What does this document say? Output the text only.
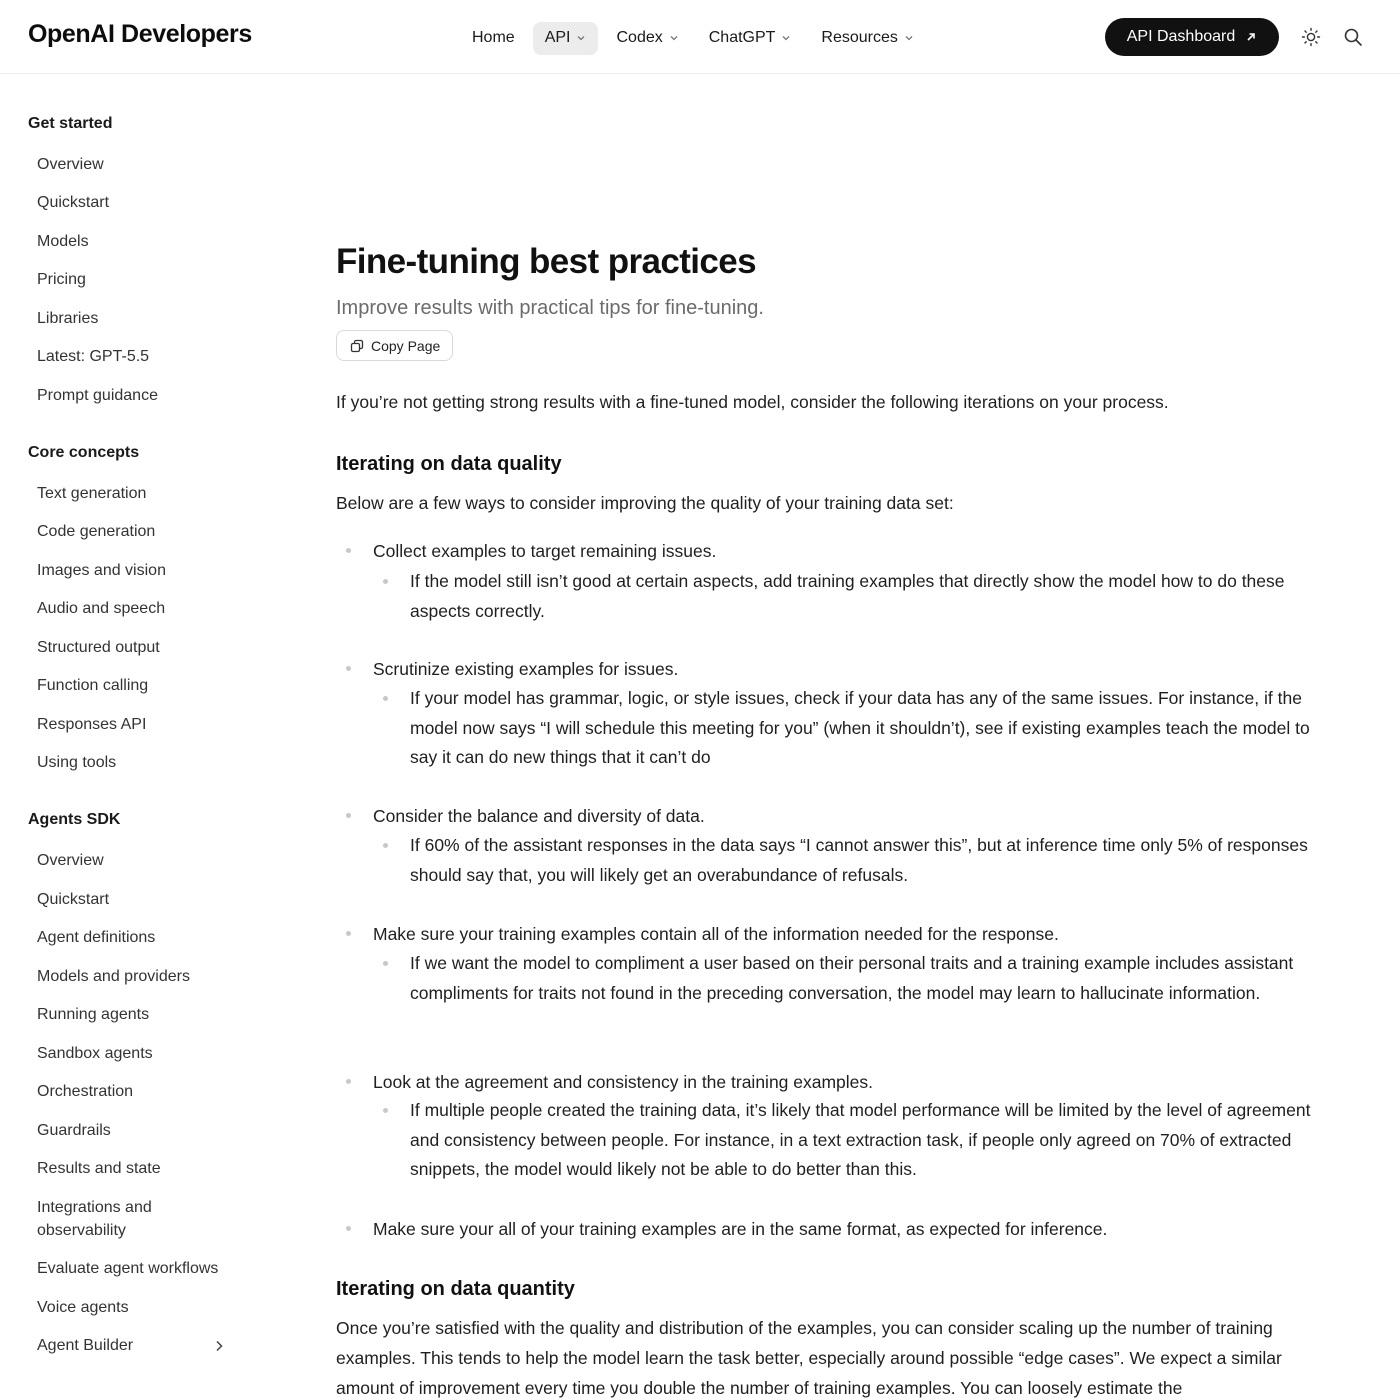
OpenAI Developers	Home API	Codex	ChatGPT	Resources	API Dashboard
Get started
Overview
Quickstart
Models
Pricing
Libraries
Latest: GPT-5.5
Prompt guidance
Core concepts
Text generation
Code generation
Images and vision
Audio and speech
Structured output
Function calling
Responses API
Using tools
Agents SDK
Overview
Quickstart
Agent definitions
Models and providers
Running agents
Sandbox agents
Orchestration
Guardrails
Results and state
Integrations and observability
Evaluate agent workflows
Voice agents
Agent Builder
Fine-tuning best practices
Improve results with practical tips for fine-tuning.
Copy Page

If you’re not getting strong results with a fine-tuned model, consider the following iterations on your process.

Iterating on data quality

Below are a few ways to consider improving the quality of your training data set:

Collect examples to target remaining issues.

If the model still isn’t good at certain aspects, add training examples that directly show the model how to do these aspects correctly.

Scrutinize existing examples for issues.

If your model has grammar, logic, or style issues, check if your data has any of the same issues. For instance, if the model now says “I will schedule this meeting for you” (when it shouldn’t), see if existing examples teach the model to say it can do new things that it can’t do

Consider the balance and diversity of data.

If 60% of the assistant responses in the data says “I cannot answer this”, but at inference time only 5% of responses should say that, you will likely get an overabundance of refusals.

Make sure your training examples contain all of the information needed for the response.

If we want the model to compliment a user based on their personal traits and a training example includes assistant compliments for traits not found in the preceding conversation, the model may learn to hallucinate information.

Look at the agreement and consistency in the training examples.

If multiple people created the training data, it’s likely that model performance will be limited by the level of agreement and consistency between people. For instance, in a text extraction task, if people only agreed on 70% of extracted snippets, the model would likely not be able to do better than this.

Make sure your all of your training examples are in the same format, as expected for inference.

Iterating on data quantity

Once you’re satisfied with the quality and distribution of the examples, you can consider scaling up the number of training examples. This tends to help the model learn the task better, especially around possible “edge cases”. We expect a similar amount of improvement every time you double the number of training examples. You can loosely estimate the
